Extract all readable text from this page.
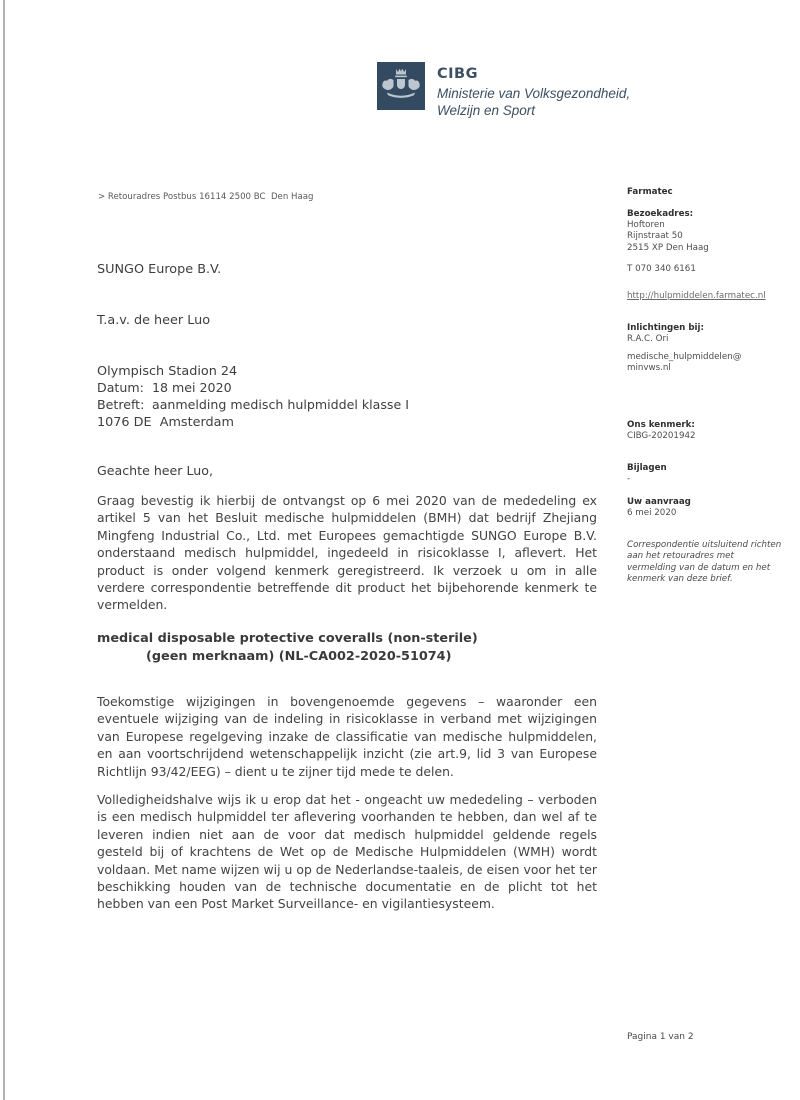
CIBG
Ministerie van Volksgezondheid,
Welzijn en Sport
> Retouradres Postbus 16114 2500 BC  Den Haag

SUNGO Europe B.V.

T.a.v. de heer Luo

Olympisch Stadion 24

1076 DE  Amsterdam

Datum: 18 mei 2020
Betreft: aanmelding medisch hulpmiddel klasse I
Geachte heer Luo,

Graag bevestig ik hierbij de ontvangst op 6 mei 2020 van de mededeling ex artikel 5 van het Besluit medische hulpmiddelen (BMH) dat bedrijf Zhejiang Mingfeng Industrial Co., Ltd. met Europees gemachtigde SUNGO Europe B.V. onderstaand medisch hulpmiddel, ingedeeld in risicoklasse I, aflevert. Het product is onder volgend kenmerk geregistreerd. Ik verzoek u om in alle verdere correspondentie betreffende dit product het bijbehorende kenmerk te vermelden.

medical disposable protective coveralls (non-sterile)
(geen merknaam) (NL-CA002-2020-51074)

Toekomstige wijzigingen in bovengenoemde gegevens – waaronder een eventuele wijziging van de indeling in risicoklasse in verband met wijzigingen van Europese regelgeving inzake de classificatie van medische hulpmiddelen, en aan voortschrijdend wetenschappelijk inzicht (zie art.9, lid 3 van Europese Richtlijn 93/42/EEG) – dient u te zijner tijd mede te delen.

Volledigheidshalve wijs ik u erop dat het - ongeacht uw mededeling – verboden is een medisch hulpmiddel ter aflevering voorhanden te hebben, dan wel af te leveren indien niet aan de voor dat medisch hulpmiddel geldende regels gesteld bij of krachtens de Wet op de Medische Hulpmiddelen (WMH) wordt voldaan. Met name wijzen wij u op de Nederlandse-taaleis, de eisen voor het ter beschikking houden van de technische documentatie en de plicht tot het hebben van een Post Market Surveillance- en vigilantiesysteem.

Farmatec
Bezoekadres:
Hoftoren
Rijnstraat 50
2515 XP Den Haag
T 070 340 6161
http://hulpmiddelen.farmatec.nl
Inlichtingen bij:
R.A.C. Ori
medische_hulpmiddelen@
minvws.nl
Ons kenmerk:
CIBG-20201942
Bijlagen
-
Uw aanvraag
6 mei 2020
Correspondentie uitsluitend richten aan het retouradres met vermelding van de datum en het kenmerk van deze brief.
Pagina 1 van 2
